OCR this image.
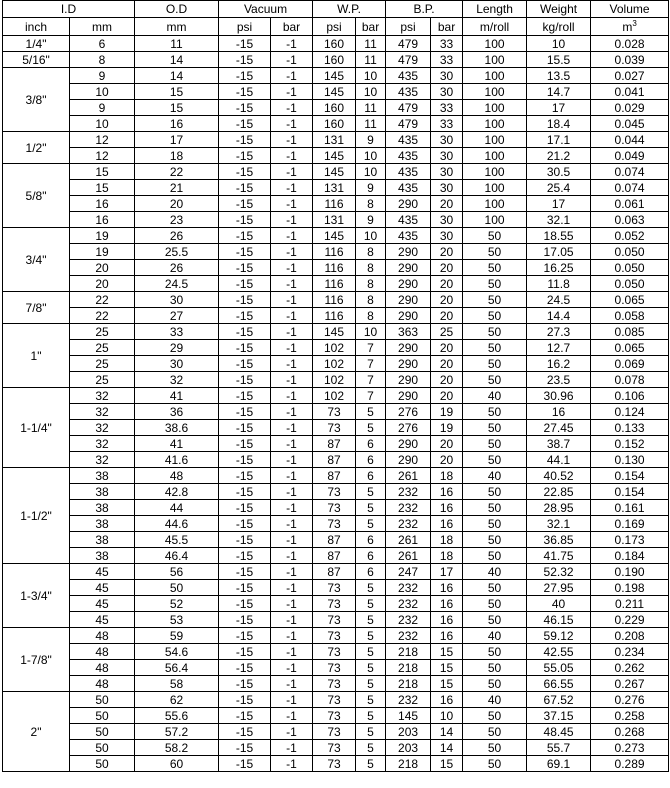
I.D		O.D	Vacuum		W.P.		B.P.		Length	Weight	Volume
inch	mm	mm	psi	bar	psi	bar	psi	bar	m/roll	kg/roll	$m^3$
1/4"	6	11	-15	-1	160	11	479	33	100	10	0.028
5/16"	8	14	-15	-1	160	11	479	33	100	15.5	0.039
3/8"	9	14	-15	-1	145	10	435	30	100	13.5	0.027
	10	15	-15	-1	145	10	435	30	100	14.7	0.041
	9	15	-15	-1	160	11	479	33	100	17	0.029
	10	16	-15	-1	160	11	479	33	100	18.4	0.045
1/2"	12	17	-15	-1	131	9	435	30	100	17.1	0.044
	12	18	-15	-1	145	10	435	30	100	21.2	0.049
5/8"	15	22	-15	-1	145	10	435	30	100	30.5	0.074
	15	21	-15	-1	131	9	435	30	100	25.4	0.074
	16	20	-15	-1	116	8	290	20	100	17	0.061
	16	23	-15	-1	131	9	435	30	100	32.1	0.063
3/4"	19	26	-15	-1	145	10	435	30	50	18.55	0.052
	19	25.5	-15	-1	116	8	290	20	50	17.05	0.050
	20	26	-15	-1	116	8	290	20	50	16.25	0.050
	20	24.5	-15	-1	116	8	290	20	50	11.8	0.050
7/8"	22	30	-15	-1	116	8	290	20	50	24.5	0.065
	22	27	-15	-1	116	8	290	20	50	14.4	0.058
1"	25	33	-15	-1	145	10	363	25	50	27.3	0.085
	25	29	-15	-1	102	7	290	20	50	12.7	0.065
	25	30	-15	-1	102	7	290	20	50	16.2	0.069
	25	32	-15	-1	102	7	290	20	50	23.5	0.078
1-1/4"	32	41	-15	-1	102	7	290	20	40	30.96	0.106
	32	36	-15	-1	73	5	276	19	50	16	0.124
	32	38.6	-15	-1	73	5	276	19	50	27.45	0.133
	32	41	-15	-1	87	6	290	20	50	38.7	0.152
	32	41.6	-15	-1	87	6	290	20	50	44.1	0.130
1-1/2"	38	48	-15	-1	87	6	261	18	40	40.52	0.154
	38	42.8	-15	-1	73	5	232	16	50	22.85	0.154
	38	44	-15	-1	73	5	232	16	50	28.95	0.161
	38	44.6	-15	-1	73	5	232	16	50	32.1	0.169
	38	45.5	-15	-1	87	6	261	18	50	36.85	0.173
	38	46.4	-15	-1	87	6	261	18	50	41.75	0.184
1-3/4"	45	56	-15	-1	87	6	247	17	40	52.32	0.190
	45	50	-15	-1	73	5	232	16	50	27.95	0.198
	45	52	-15	-1	73	5	232	16	50	40	0.211
	45	53	-15	-1	73	5	232	16	50	46.15	0.229
1-7/8"	48	59	-15	-1	73	5	232	16	40	59.12	0.208
	48	54.6	-15	-1	73	5	218	15	50	42.55	0.234
	48	56.4	-15	-1	73	5	218	15	50	55.05	0.262
	48	58	-15	-1	73	5	218	15	50	66.55	0.267
2"	50	62	-15	-1	73	5	232	16	40	67.52	0.276
	50	55.6	-15	-1	73	5	145	10	50	37.15	0.258
	50	57.2	-15	-1	73	5	203	14	50	48.45	0.268
	50	58.2	-15	-1	73	5	203	14	50	55.7	0.273
	50	60	-15	-1	73	5	218	15	50	69.1	0.289
